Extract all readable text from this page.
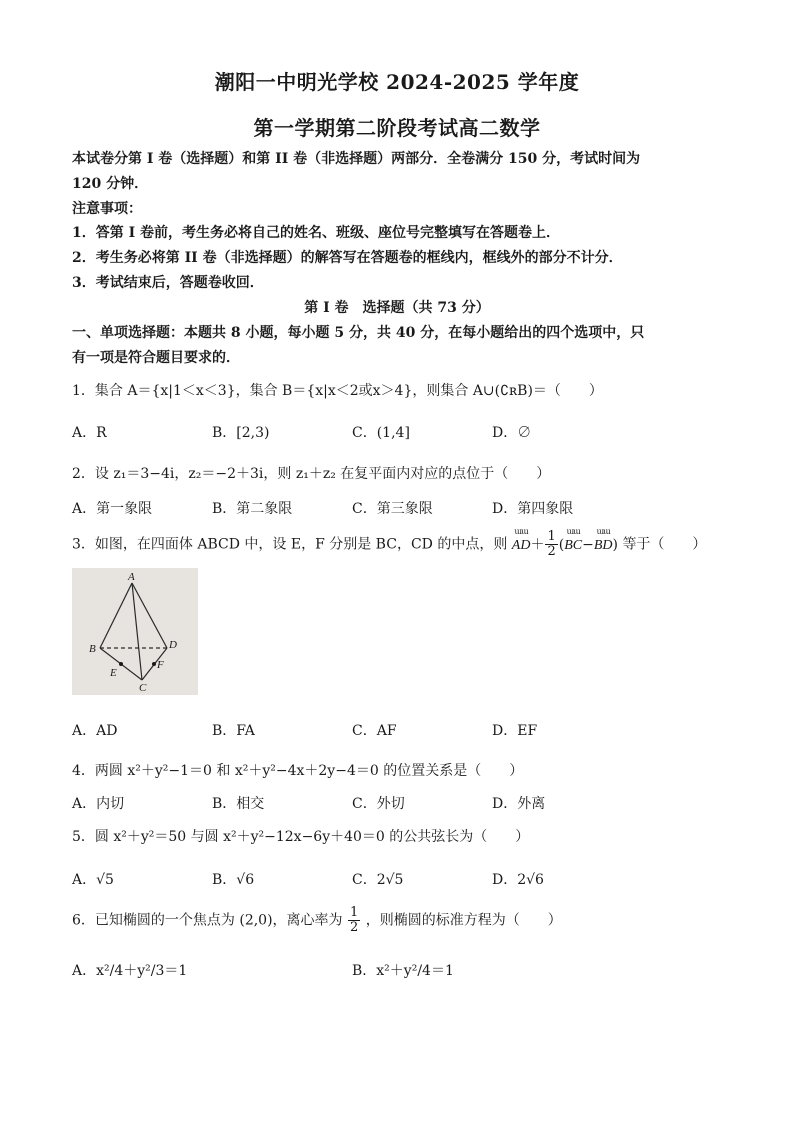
潮阳一中明光学校 2024-2025 学年度
第一学期第二阶段考试高二数学
本试卷分第 I 卷（选择题）和第 II 卷（非选择题）两部分．全卷满分 150 分，考试时间为
120 分钟．
注意事项：
1．答第 I 卷前，考生务必将自己的姓名、班级、座位号完整填写在答题卷上．
2．考生务必将第 II 卷（非选择题）的解答写在答题卷的框线内，框线外的部分不计分．
3．考试结束后，答题卷收回．
第 I 卷　选择题（共 73 分）
一、单项选择题：本题共 8 小题，每小题 5 分，共 40 分，在每小题给出的四个选项中，只
有一项是符合题目要求的．
1．集合 A＝{x|1＜x＜3}，集合 B＝{x|x＜2或x＞4}，则集合 A∪(∁ʀB)＝（　　）
A．R	B．[2,3)	C．(1,4]	D．∅
2．设 z₁＝3−4i，z₂＝−2＋3i，则 z₁＋z₂ 在复平面内对应的点位于（　　）
A．第一象限	B．第二象限	C．第三象限	D．第四象限
3．如图，在四面体 ABCD 中，设 E，F 分别是 BC，CD 的中点，则
ɯɯ
$AD+ \frac{1}{2}$ (
ɯɯ
BC−
ɯɯ
BD) 等于（　　）
A
B
C
D
E
F
A．AD	B．FA	C．AF	D．EF
4．两圆 x²＋y²−1＝0 和 x²＋y²−4x＋2y−4＝0 的位置关系是（　　）
A．内切	B．相交	C．外切	D．外离
5．圆 x²＋y²＝50 与圆 x²＋y²−12x−6y＋40＝0 的公共弦长为（　　）
A．√5	B．√6	C．2√5	D．2√6
6．已知椭圆的一个焦点为 (2,0)，离心率为 $\frac{1}{2}$ ，则椭圆的标准方程为（　　）
A．x²/4＋y²/3＝1	B．x²＋y²/4＝1
